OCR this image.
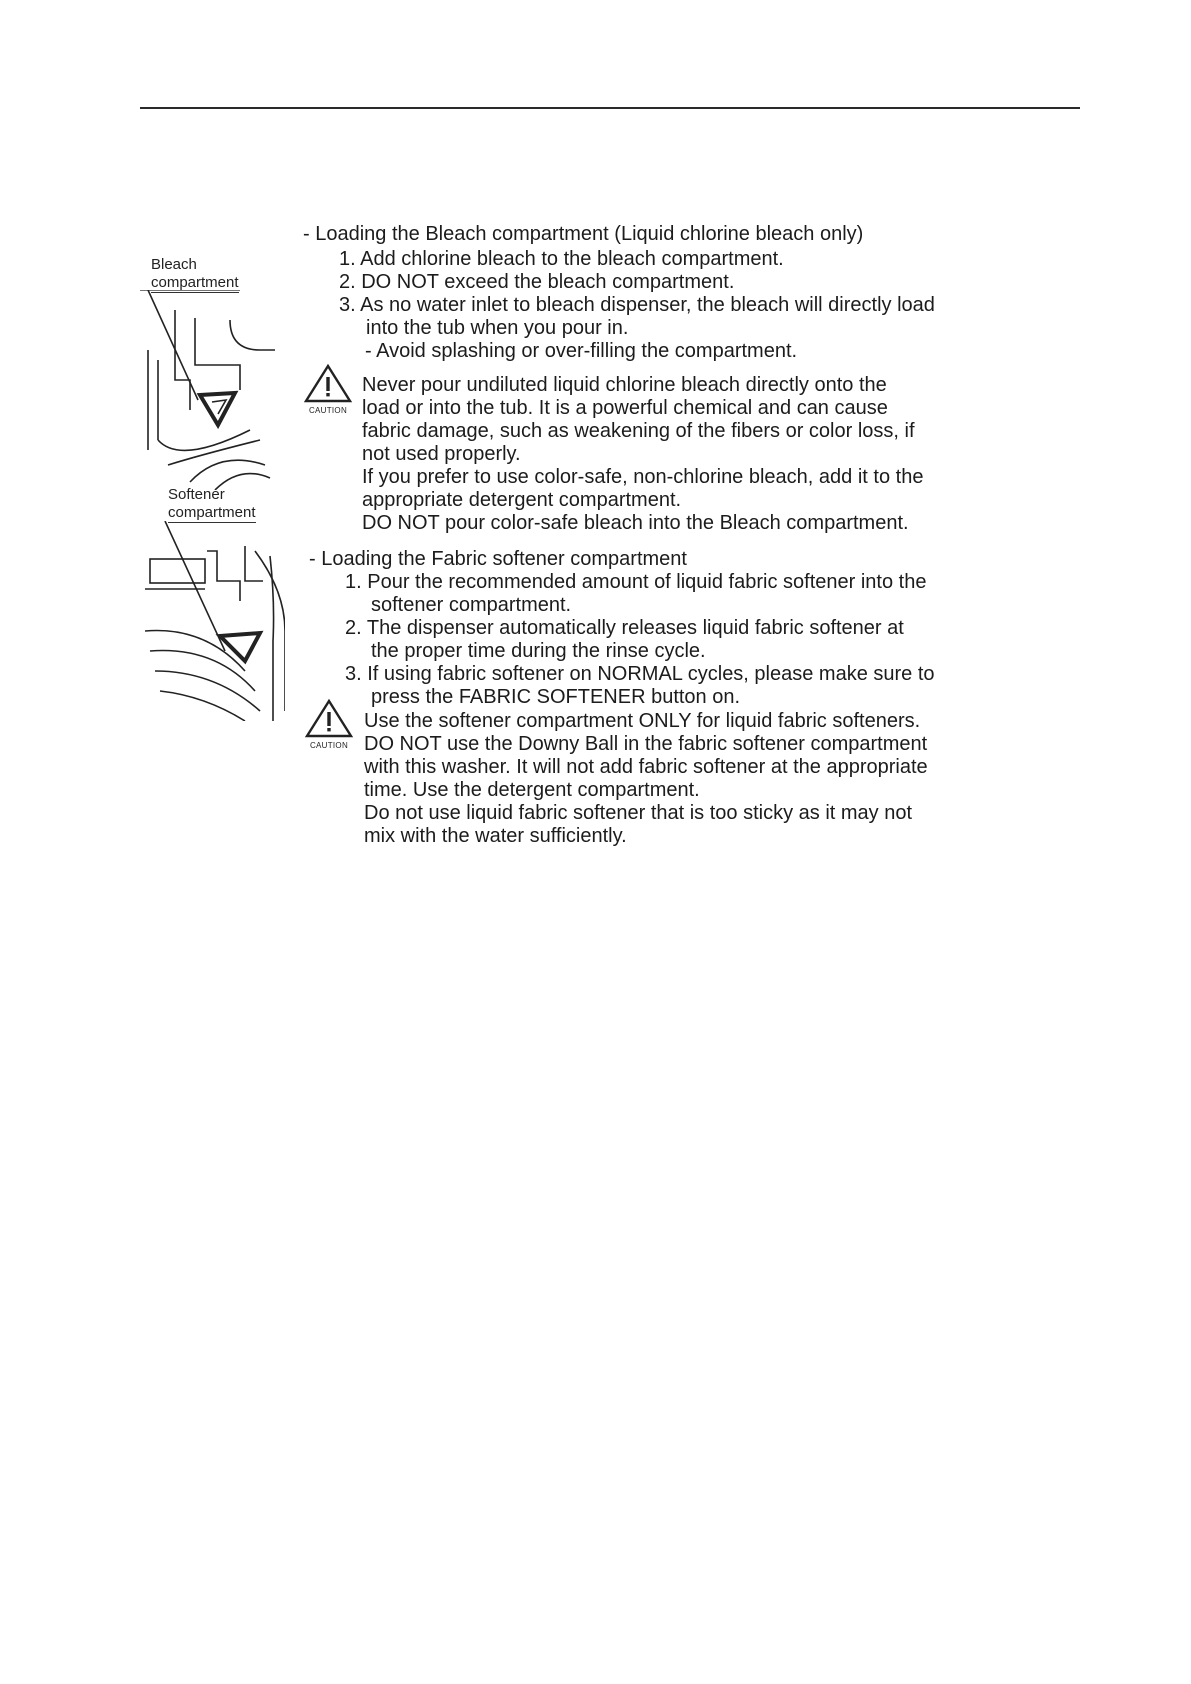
Bleach
compartment
Softener
compartment
- Loading the Bleach compartment (Liquid chlorine bleach only)
1. Add chlorine bleach to the bleach compartment.
2. DO NOT exceed the bleach compartment.
3. As no water inlet to bleach dispenser, the bleach will directly load
into the tub when you pour in.
- Avoid splashing or over-filling the compartment.
CAUTION
Never pour undiluted liquid chlorine bleach directly onto the
load or into the tub. It is a powerful chemical and can cause
fabric damage, such as weakening of the fibers or color loss, if
not used properly.
If you prefer to use color-safe, non-chlorine bleach, add it to the
appropriate detergent compartment.
DO NOT pour color-safe bleach into the Bleach compartment.
- Loading the Fabric softener compartment
1. Pour the recommended amount of liquid fabric softener into the
softener compartment.
2. The dispenser automatically releases liquid fabric softener at
the proper time during the rinse cycle.
3. If using fabric softener on NORMAL cycles, please make sure to
press the FABRIC SOFTENER button on.
CAUTION
Use the softener compartment ONLY for liquid fabric softeners.
DO NOT use the Downy Ball in the fabric softener compartment
with this washer. It will not add fabric softener at the appropriate
time. Use the detergent compartment.
Do not use liquid fabric softener that is too sticky as it may not
mix with the water sufficiently.
